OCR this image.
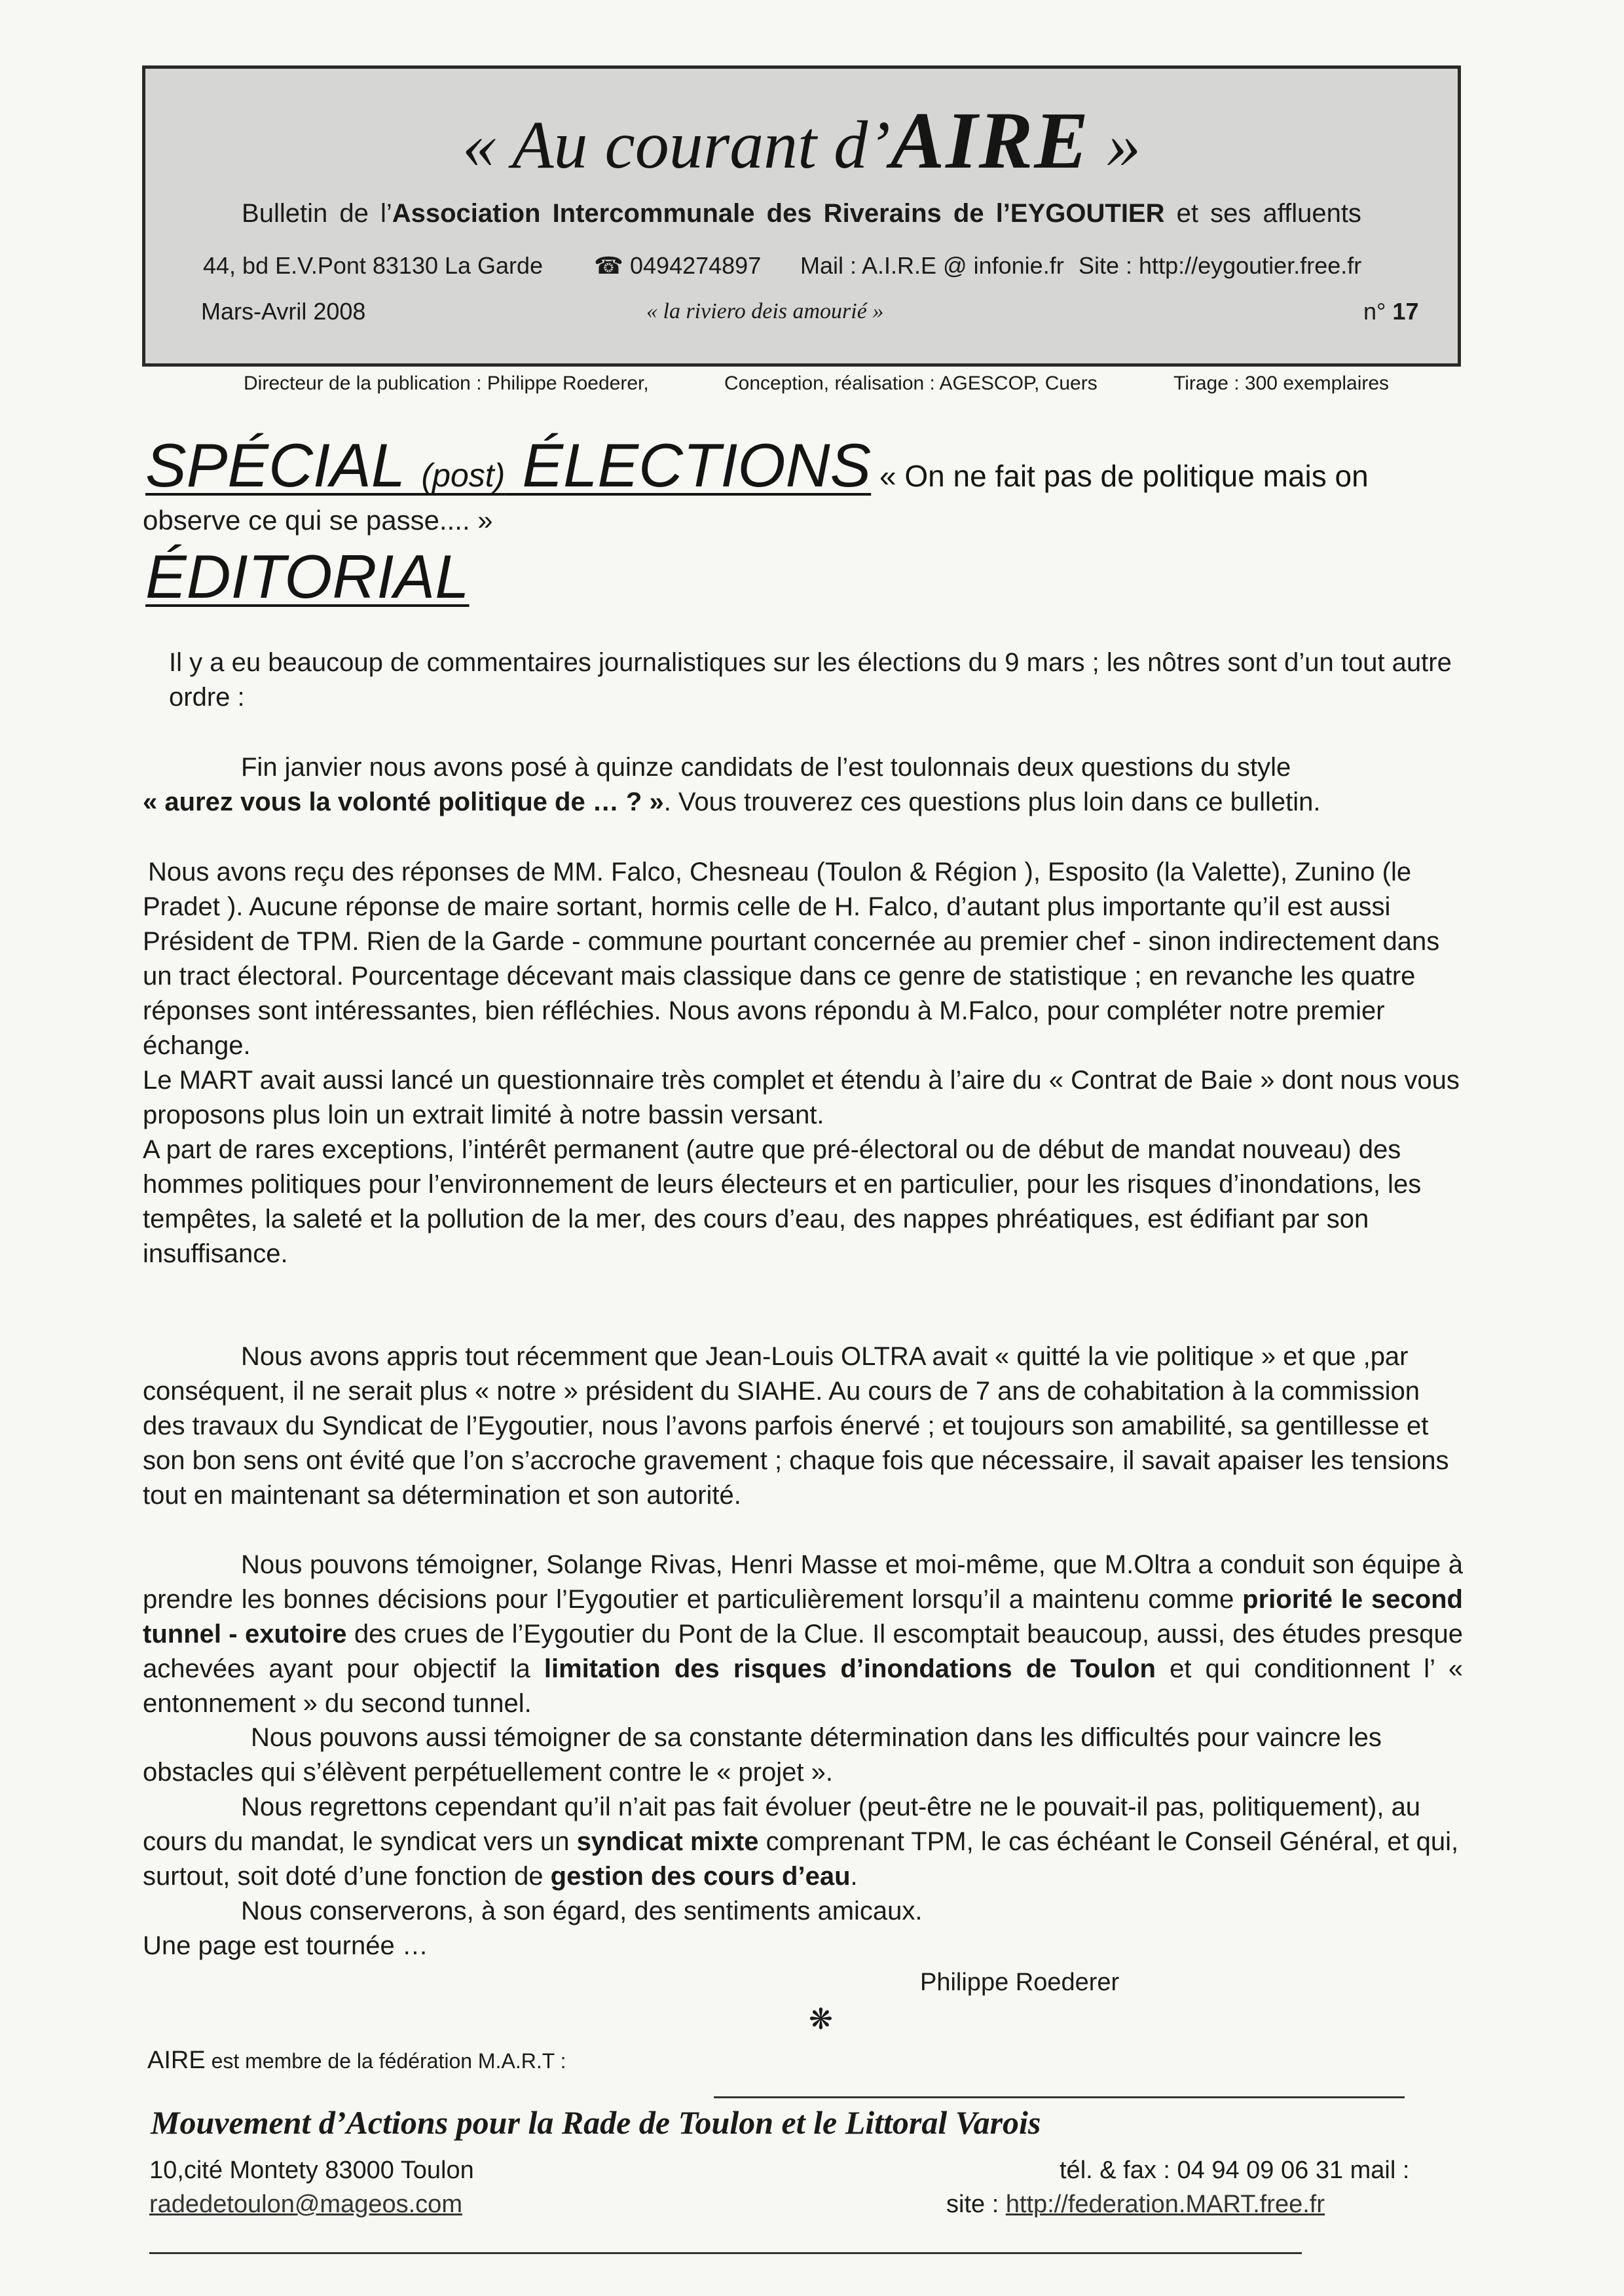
« Au courant d’AIRE »
Bulletin de l’Association Intercommunale des Riverains de l’EYGOUTIER et ses affluents
44, bd E.V.Pont 83130 La Garde ☎ 0494274897 Mail : A.I.R.E @ infonie.fr Site : http://eygoutier.free.fr
Mars-Avril 2008	« la riviero deis amourié »	n° 17
Directeur de la publication : Philippe Roederer,	Conception, réalisation : AGESCOP, Cuers	Tirage : 300 exemplaires
SPÉCIAL (post) ÉLECTIONS « On ne fait pas de politique mais on
observe ce qui se passe.... »
ÉDITORIAL
Il y a eu beaucoup de commentaires journalistiques sur les élections du 9 mars ; les nôtres sont d’un tout autre ordre :
Fin janvier nous avons posé à quinze candidats de l’est toulonnais deux questions du style
« aurez vous la volonté politique de … ? ». Vous trouverez ces questions plus loin dans ce bulletin.
Nous avons reçu des réponses de MM. Falco, Chesneau (Toulon & Région ), Esposito (la Valette), Zunino (le Pradet ). Aucune réponse de maire sortant, hormis celle de H. Falco, d’autant plus importante qu’il est aussi Président de TPM. Rien de la Garde - commune pourtant concernée au premier chef - sinon indirectement dans un tract électoral. Pourcentage décevant mais classique dans ce genre de statistique ; en revanche les quatre réponses sont intéressantes, bien réfléchies. Nous avons répondu à M.Falco, pour compléter notre premier échange.
Le MART avait aussi lancé un questionnaire très complet et étendu à l’aire du « Contrat de Baie » dont nous vous proposons plus loin un extrait limité à notre bassin versant.
A part de rares exceptions, l’intérêt permanent (autre que pré-électoral ou de début de mandat nouveau) des hommes politiques pour l’environnement de leurs électeurs et en particulier, pour les risques d’inondations, les tempêtes, la saleté et la pollution de la mer, des cours d’eau, des nappes phréatiques, est édifiant par son insuffisance.
Nous avons appris tout récemment que Jean-Louis OLTRA avait « quitté la vie politique » et que ,par conséquent, il ne serait plus « notre » président du SIAHE. Au cours de 7 ans de cohabitation à la commission des travaux du Syndicat de l’Eygoutier, nous l’avons parfois énervé ; et toujours son amabilité, sa gentillesse et son bon sens ont évité que l’on s’accroche gravement ; chaque fois que nécessaire, il savait apaiser les tensions tout en maintenant sa détermination et son autorité.
Nous pouvons témoigner, Solange Rivas, Henri Masse et moi-même, que M.Oltra a conduit son équipe à prendre les bonnes décisions pour l’Eygoutier et particulièrement lorsqu’il a maintenu comme priorité le second tunnel - exutoire des crues de l’Eygoutier du Pont de la Clue. Il escomptait beaucoup, aussi, des études presque achevées ayant pour objectif la limitation des risques d’inondations de Toulon et qui conditionnent l’ « entonnement » du second tunnel.
Nous pouvons aussi témoigner de sa constante détermination dans les difficultés pour vaincre les obstacles qui s’élèvent perpétuellement contre le « projet ».
Nous regrettons cependant qu’il n’ait pas fait évoluer (peut-être ne le pouvait-il pas, politiquement), au cours du mandat, le syndicat vers un syndicat mixte comprenant TPM, le cas échéant le Conseil Général, et qui, surtout, soit doté d’une fonction de gestion des cours d’eau.
Nous conserverons, à son égard, des sentiments amicaux.
Une page est tournée …
Philippe Roederer
❋
AIRE est membre de la fédération M.A.R.T :
Mouvement d’Actions pour la Rade de Toulon et le Littoral Varois
10,cité Montety 83000 Toulon	tél. & fax : 04 94 09 06 31 mail :
radedetoulon@mageos.com	site : http://federation.MART.free.fr
